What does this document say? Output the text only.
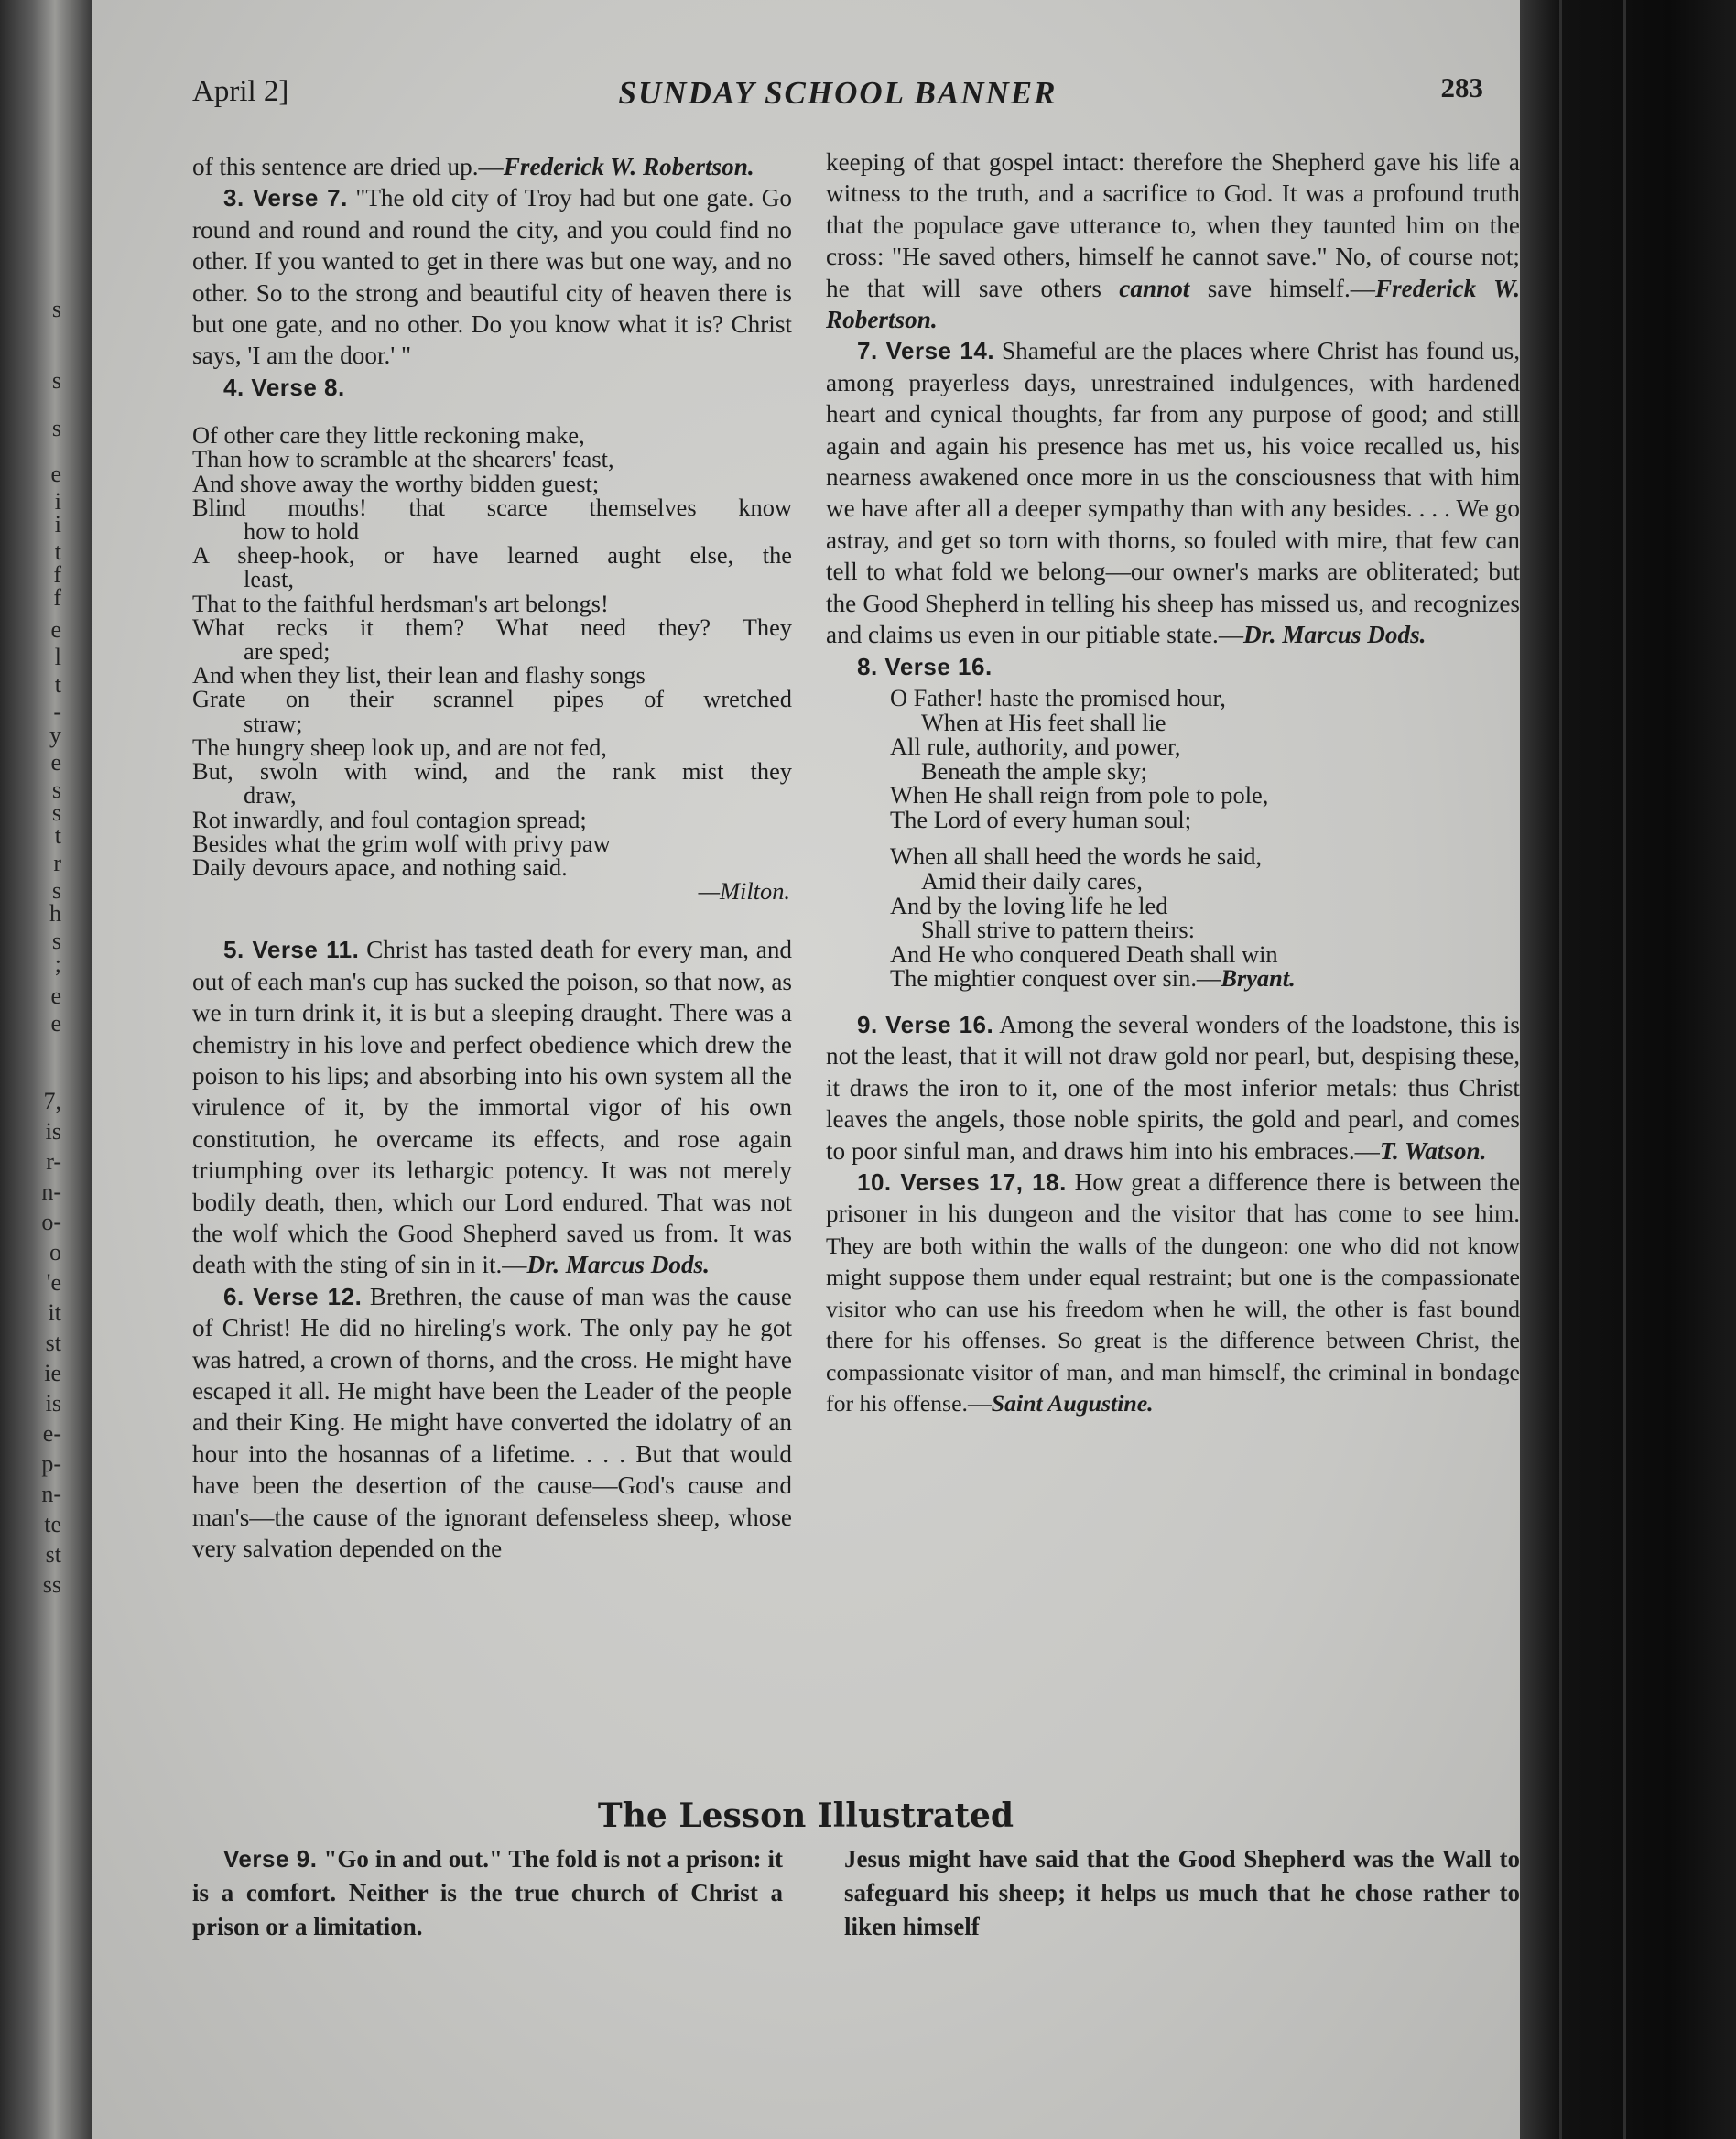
s
s
s
e
i
i
t
f
f
e
l
t
-
y
e
s
s
t
r
s
h
s
;
e
e
7,
is
r-
n-
o-
o
'e
it
st
ie
is
e-
p-
n-
te
st
ss
April 2]	SUNDAY SCHOOL BANNER	283

of this sentence are dried up.—Frederick W. Robertson.

3. Verse 7. "The old city of Troy had but one gate. Go round and round and round the city, and you could find no other. If you wanted to get in there was but one way, and no other. So to the strong and beautiful city of heaven there is but one gate, and no other. Do you know what it is? Christ says, 'I am the door.' "

4. Verse 8.

Of other care they little reckoning make,
Than how to scramble at the shearers' feast,
And shove away the worthy bidden guest;
Blind mouths! that scarce themselves know
how to hold
A sheep-hook, or have learned aught else, the
least,
That to the faithful herdsman's art belongs!
What recks it them? What need they? They
are sped;
And when they list, their lean and flashy songs
Grate on their scrannel pipes of wretched
straw;
The hungry sheep look up, and are not fed,
But, swoln with wind, and the rank mist they
draw,
Rot inwardly, and foul contagion spread;
Besides what the grim wolf with privy paw
Daily devours apace, and nothing said.
—Milton.

5. Verse 11. Christ has tasted death for every man, and out of each man's cup has sucked the poison, so that now, as we in turn drink it, it is but a sleeping draught. There was a chemistry in his love and perfect obedience which drew the poison to his lips; and absorbing into his own system all the virulence of it, by the immortal vigor of his own constitution, he overcame its effects, and rose again triumphing over its lethargic potency. It was not merely bodily death, then, which our Lord endured. That was not the wolf which the Good Shepherd saved us from. It was death with the sting of sin in it.—Dr. Marcus Dods.

6. Verse 12. Brethren, the cause of man was the cause of Christ! He did no hireling's work. The only pay he got was hatred, a crown of thorns, and the cross. He might have escaped it all. He might have been the Leader of the people and their King. He might have converted the idolatry of an hour into the hosannas of a lifetime. . . . But that would have been the desertion of the cause—God's cause and man's—the cause of the ignorant defenseless sheep, whose very salvation depended on the

keeping of that gospel intact: therefore the Shepherd gave his life a witness to the truth, and a sacrifice to God. It was a profound truth that the populace gave utterance to, when they taunted him on the cross: "He saved others, himself he cannot save." No, of course not; he that will save others cannot save himself.—Frederick W. Robertson.

7. Verse 14. Shameful are the places where Christ has found us, among prayerless days, unrestrained indulgences, with hardened heart and cynical thoughts, far from any purpose of good; and still again and again his presence has met us, his voice recalled us, his nearness awakened once more in us the consciousness that with him we have after all a deeper sympathy than with any besides. . . . We go astray, and get so torn with thorns, so fouled with mire, that few can tell to what fold we belong—our owner's marks are obliterated; but the Good Shepherd in telling his sheep has missed us, and recognizes and claims us even in our pitiable state.—Dr. Marcus Dods.

8. Verse 16.

O Father! haste the promised hour,
When at His feet shall lie
All rule, authority, and power,
Beneath the ample sky;
When He shall reign from pole to pole,
The Lord of every human soul;
When all shall heed the words he said,
Amid their daily cares,
And by the loving life he led
Shall strive to pattern theirs:
And He who conquered Death shall win
The mightier conquest over sin.—Bryant.

9. Verse 16. Among the several wonders of the loadstone, this is not the least, that it will not draw gold nor pearl, but, despising these, it draws the iron to it, one of the most inferior metals: thus Christ leaves the angels, those noble spirits, the gold and pearl, and comes to poor sinful man, and draws him into his embraces.—T. Watson.

10. Verses 17, 18. How great a difference there is between the prisoner in his dungeon and the visitor that has come to see him. They are both within the walls of the dungeon: one who did not know might suppose them under equal restraint; but one is the compassionate visitor who can use his freedom when he will, the other is fast bound there for his offenses. So great is the difference between Christ, the compassionate visitor of man, and man himself, the criminal in bondage for his offense.—Saint Augustine.

The Lesson Illustrated

Verse 9. "Go in and out." The fold is not a prison: it is a comfort. Neither is the true church of Christ a prison or a limitation.

Jesus might have said that the Good Shepherd was the Wall to safeguard his sheep; it helps us much that he chose rather to liken himself
